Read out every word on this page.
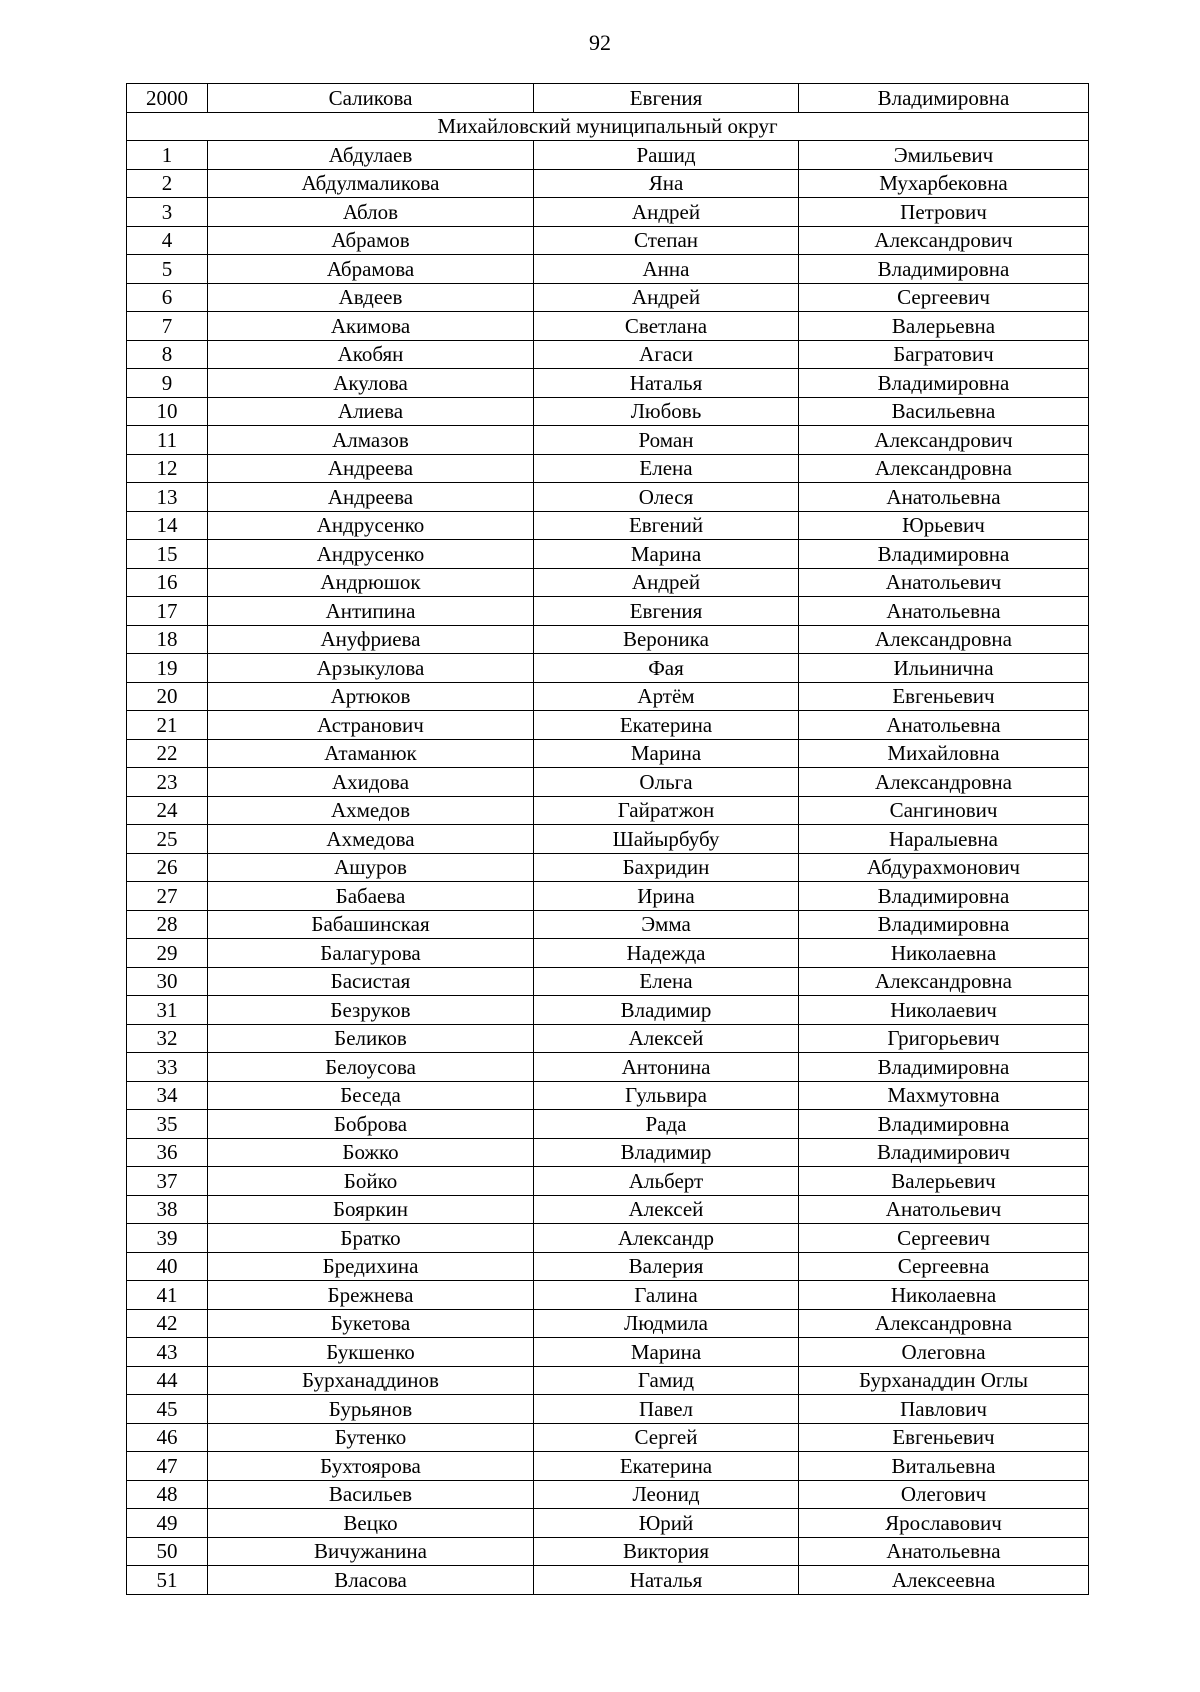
92
2000	Саликова	Евгения	Владимировна
Михайловский муниципальный округ			
1	Абдулаев	Рашид	Эмильевич
2	Абдулмаликова	Яна	Мухарбековна
3	Аблов	Андрей	Петрович
4	Абрамов	Степан	Александрович
5	Абрамова	Анна	Владимировна
6	Авдеев	Андрей	Сергеевич
7	Акимова	Светлана	Валерьевна
8	Акобян	Агаси	Багратович
9	Акулова	Наталья	Владимировна
10	Алиева	Любовь	Васильевна
11	Алмазов	Роман	Александрович
12	Андреева	Елена	Александровна
13	Андреева	Олеся	Анатольевна
14	Андрусенко	Евгений	Юрьевич
15	Андрусенко	Марина	Владимировна
16	Андрюшок	Андрей	Анатольевич
17	Антипина	Евгения	Анатольевна
18	Ануфриева	Вероника	Александровна
19	Арзыкулова	Фая	Ильинична
20	Артюков	Артём	Евгеньевич
21	Астранович	Екатерина	Анатольевна
22	Атаманюк	Марина	Михайловна
23	Ахидова	Ольга	Александровна
24	Ахмедов	Гайратжон	Сангинович
25	Ахмедова	Шайырбубу	Наралыевна
26	Ашуров	Бахридин	Абдурахмонович
27	Бабаева	Ирина	Владимировна
28	Бабашинская	Эмма	Владимировна
29	Балагурова	Надежда	Николаевна
30	Басистая	Елена	Александровна
31	Безруков	Владимир	Николаевич
32	Беликов	Алексей	Григорьевич
33	Белоусова	Антонина	Владимировна
34	Беседа	Гульвира	Махмутовна
35	Боброва	Рада	Владимировна
36	Божко	Владимир	Владимирович
37	Бойко	Альберт	Валерьевич
38	Бояркин	Алексей	Анатольевич
39	Братко	Александр	Сергеевич
40	Бредихина	Валерия	Сергеевна
41	Брежнева	Галина	Николаевна
42	Букетова	Людмила	Александровна
43	Букшенко	Марина	Олеговна
44	Бурханаддинов	Гамид	Бурханаддин Оглы
45	Бурьянов	Павел	Павлович
46	Бутенко	Сергей	Евгеньевич
47	Бухтоярова	Екатерина	Витальевна
48	Васильев	Леонид	Олегович
49	Вецко	Юрий	Ярославович
50	Вичужанина	Виктория	Анатольевна
51	Власова	Наталья	Алексеевна
